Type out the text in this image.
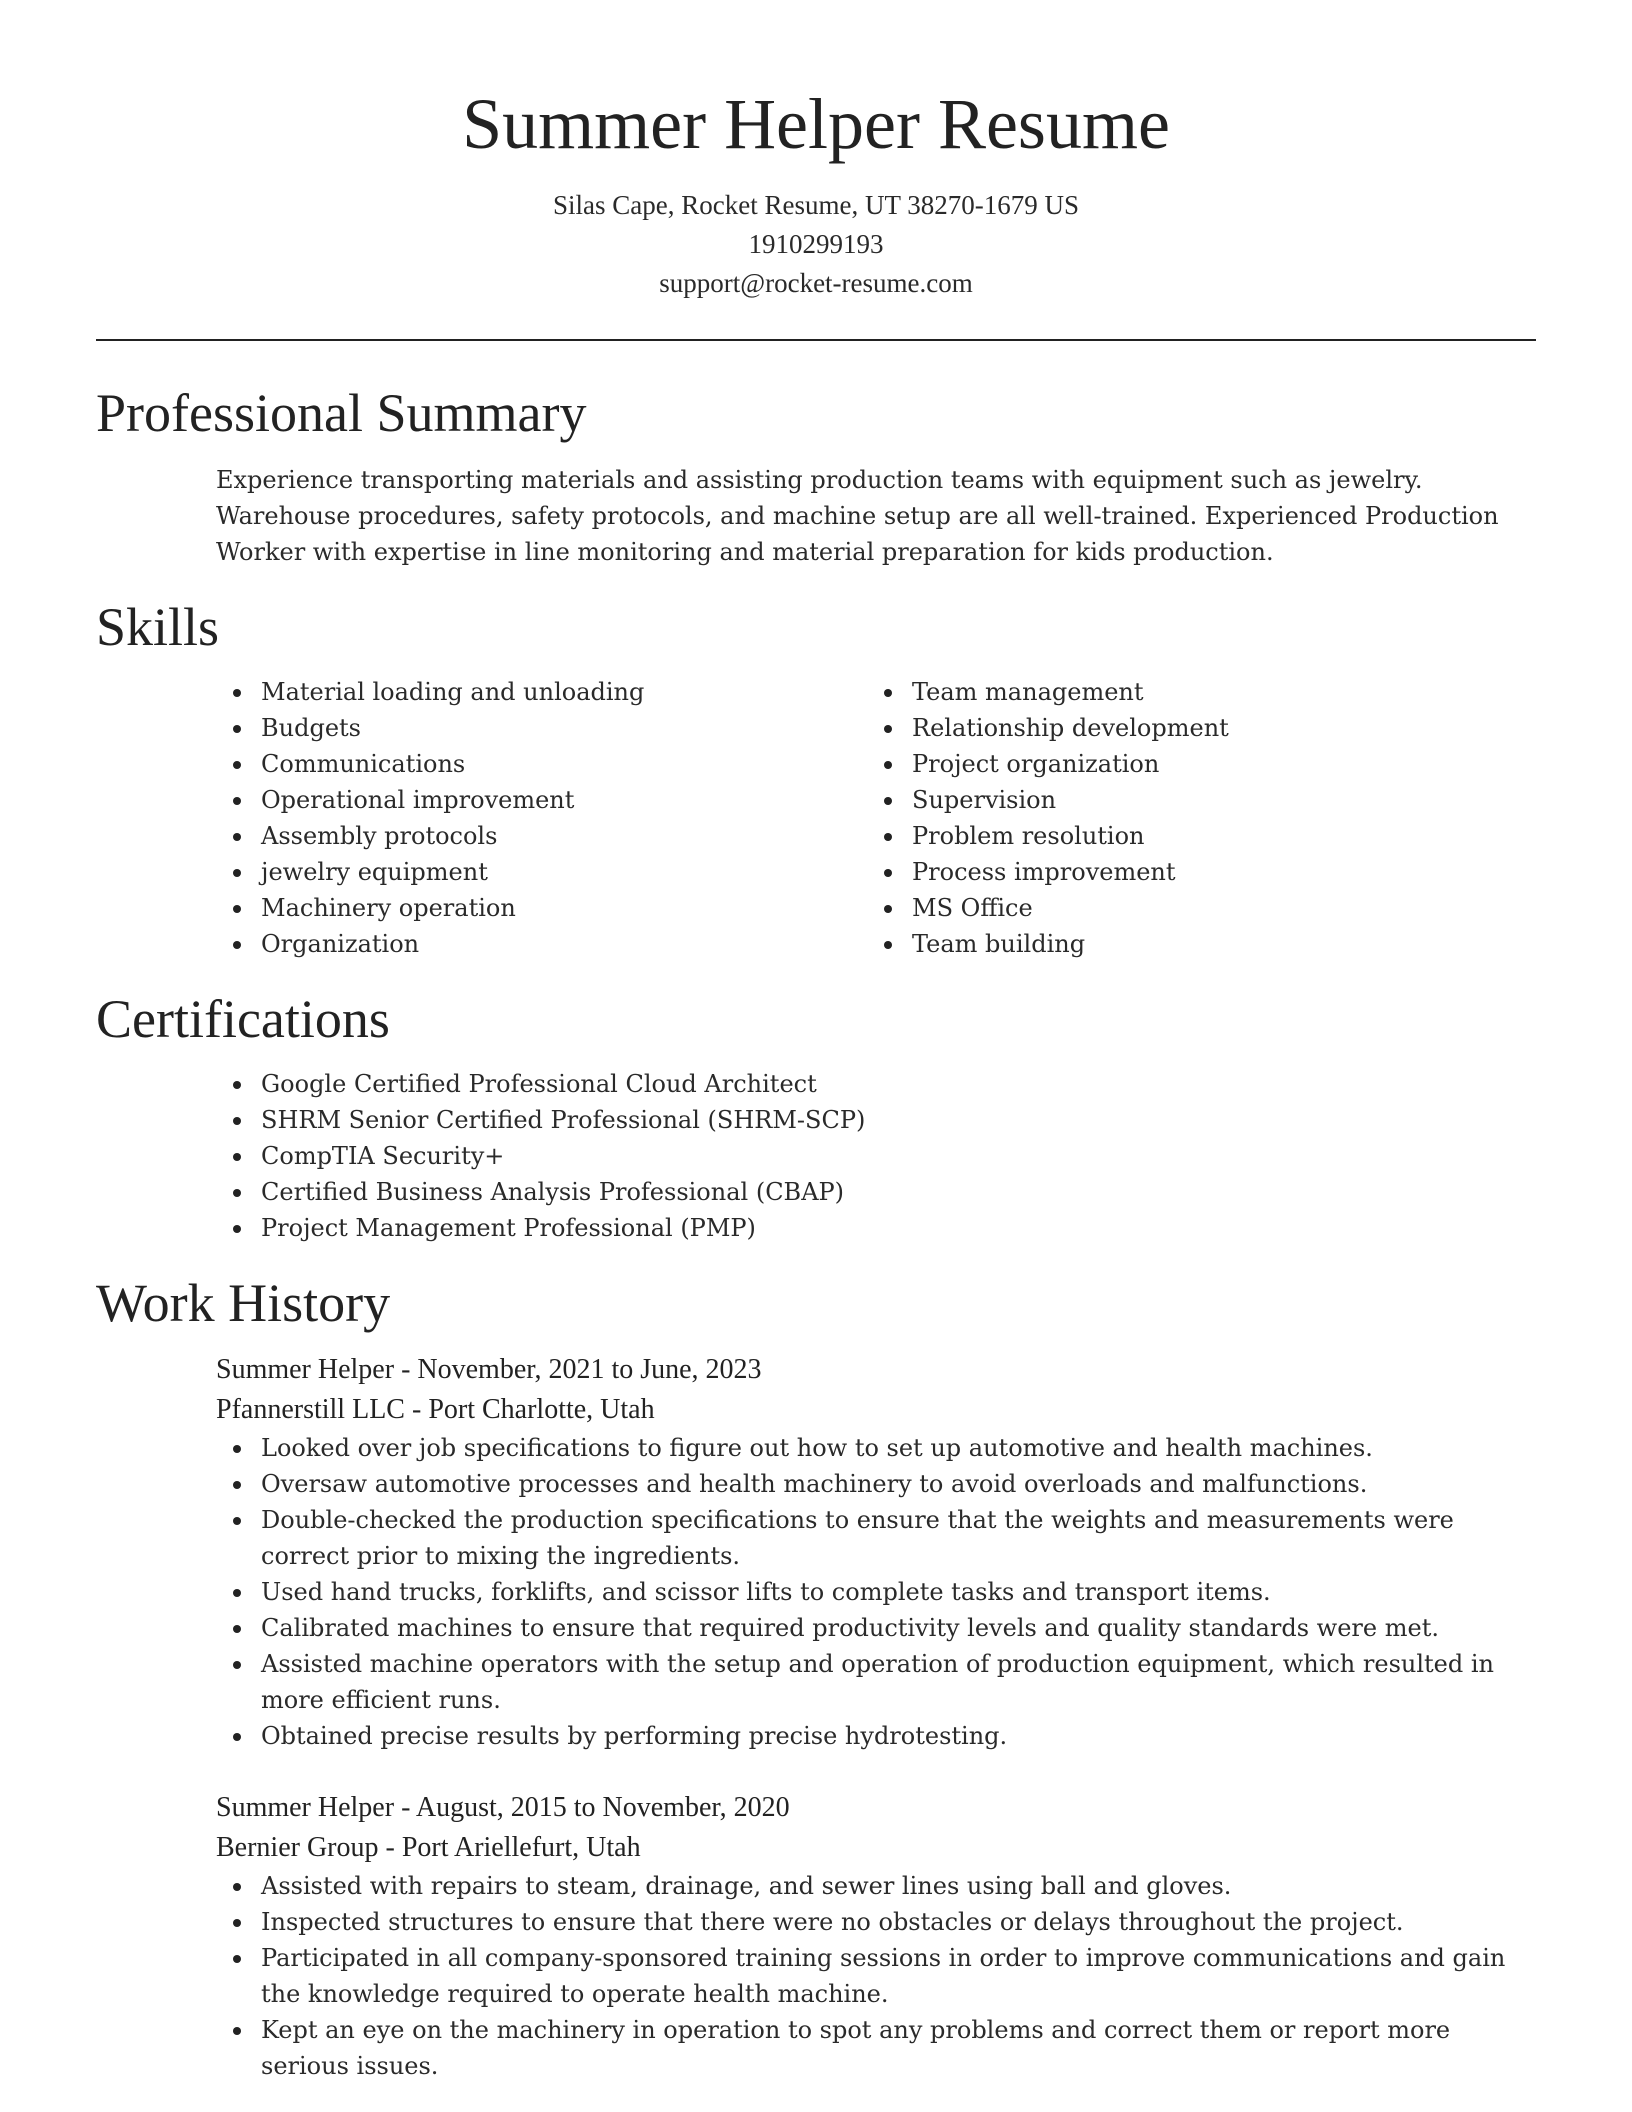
Summer Helper Resume
Silas Cape, Rocket Resume, UT 38270-1679 US
1910299193
support@rocket-resume.com
Professional Summary

Experience transporting materials and assisting production teams with equipment such as jewelry. Warehouse procedures, safety protocols, and machine setup are all well-trained. Experienced Production Worker with expertise in line monitoring and material preparation for kids production.

Skills
Material loading and unloading
Budgets
Communications
Operational improvement
Assembly protocols
jewelry equipment
Machinery operation
Organization
Team management
Relationship development
Project organization
Supervision
Problem resolution
Process improvement
MS Office
Team building
Certifications
Google Certified Professional Cloud Architect
SHRM Senior Certified Professional (SHRM-SCP)
CompTIA Security+
Certified Business Analysis Professional (CBAP)
Project Management Professional (PMP)
Work History
Summer Helper - November, 2021 to June, 2023
Pfannerstill LLC - Port Charlotte, Utah
Looked over job specifications to figure out how to set up automotive and health machines.
Oversaw automotive processes and health machinery to avoid overloads and malfunctions.
Double-checked the production specifications to ensure that the weights and measurements were correct prior to mixing the ingredients.
Used hand trucks, forklifts, and scissor lifts to complete tasks and transport items.
Calibrated machines to ensure that required productivity levels and quality standards were met.
Assisted machine operators with the setup and operation of production equipment, which resulted in more efficient runs.
Obtained precise results by performing precise hydrotesting.
Summer Helper - August, 2015 to November, 2020
Bernier Group - Port Ariellefurt, Utah
Assisted with repairs to steam, drainage, and sewer lines using ball and gloves.
Inspected structures to ensure that there were no obstacles or delays throughout the project.
Participated in all company-sponsored training sessions in order to improve communications and gain the knowledge required to operate health machine.
Kept an eye on the machinery in operation to spot any problems and correct them or report more serious issues.
